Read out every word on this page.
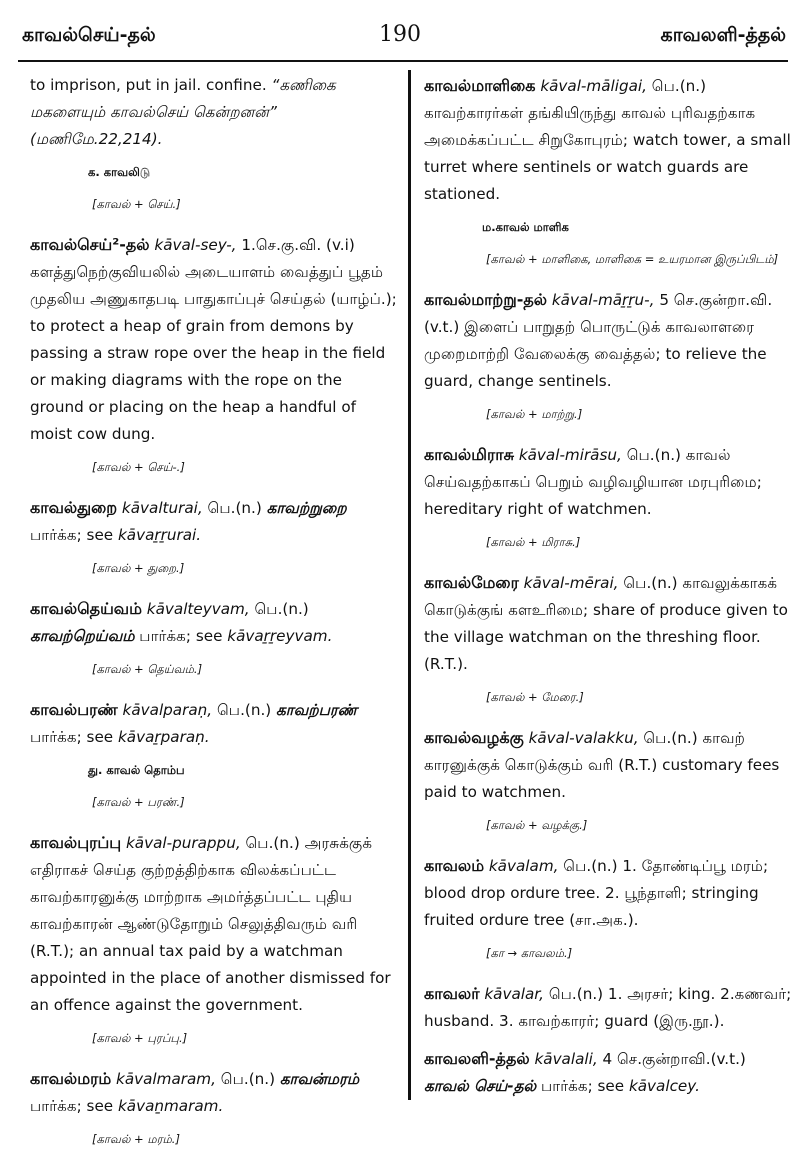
காவல்செய்-தல்	190	காவலளி-த்தல்
to imprison, put in jail. confine. “கணிகை மகளையும் காவல்செய் கென்றனன்” (மணிமே.22,214).
க. காவலிடு
[காவல் + செய்.]
காவல்செய்²-தல் kāval-sey-, 1.செ.கு.வி. (v.i) களத்துநெற்குவியலில் அடையாளம் வைத்துப் பூதம் முதலிய அணுகாதபடி பாதுகாப்புச் செய்தல் (யாழ்ப்.); to protect a heap of grain from demons by passing a straw rope over the heap in the field or making diagrams with the rope on the ground or placing on the heap a handful of moist cow dung.
[காவல் + செய்-.]
காவல்துறை kāvalturai, பெ.(n.) காவற்றுறை பார்க்க; see kāvaṟṟurai.
[காவல் + துறை.]
காவல்தெய்வம் kāvalteyvam, பெ.(n.) காவற்றெய்வம் பார்க்க; see kāvaṟṟeyvam.
[காவல் + தெய்வம்.]
காவல்பரண் kāvalparaṇ, பெ.(n.) காவற்பரண் பார்க்க; see kāvaṟparaṇ.
து. காவல் தொம்ப
[காவல் + பரண்.]
காவல்புரப்பு kāval-purappu, பெ.(n.) அரசுக்குக் எதிராகச் செய்த குற்றத்திற்காக விலக்கப்பட்ட காவற்காரனுக்கு மாற்றாக அமர்த்தப்பட்ட புதிய காவற்காரன் ஆண்டுதோறும் செலுத்திவரும் வரி (R.T.); an annual tax paid by a watchman appointed in the place of another dismissed for an offence against the government.
[காவல் + புரப்பு.]
காவல்மரம் kāvalmaram, பெ.(n.) காவன்மரம் பார்க்க; see kāvaṉmaram.
[காவல் + மரம்.]
காவல்மாளிகை kāval-māligai, பெ.(n.) காவற்காரர்கள் தங்கியிருந்து காவல் புரிவதற்காக அமைக்கப்பட்ட சிறுகோபுரம்; watch tower, a small turret where sentinels or watch guards are stationed.
ம.காவல் மாளிக
[காவல் + மாளிகை, மாளிகை = உயரமான இருப்பிடம்]
காவல்மாற்று-தல் kāval-māṟṟu-, 5 செ.குன்றா.வி. (v.t.) இளைப் பாறுதற் பொருட்டுக் காவலாளரை முறைமாற்றி வேலைக்கு வைத்தல்; to relieve the guard, change sentinels.
[காவல் + மாற்று.]
காவல்மிராசு kāval-mirāsu, பெ.(n.) காவல் செய்வதற்காகப் பெறும் வழிவழியான மரபுரிமை; hereditary right of watchmen.
[காவல் + மிராசு.]
காவல்மேரை kāval-mērai, பெ.(n.) காவலுக்காகக் கொடுக்குங் களஉரிமை; share of produce given to the village watchman on the threshing floor. (R.T.).
[காவல் + மேரை.]
காவல்வழக்கு kāval-valakku, பெ.(n.) காவற் காரனுக்குக் கொடுக்கும் வரி (R.T.) customary fees paid to watchmen.
[காவல் + வழக்கு.]
காவலம் kāvalam, பெ.(n.) 1. தோண்டிப்பூ மரம்; blood drop ordure tree. 2. பூந்தாளி; stringing fruited ordure tree (சா.அக.).
[கா → காவலம்.]
காவலர் kāvalar, பெ.(n.) 1. அரசர்; king. 2.கணவர்; husband. 3. காவற்காரர்; guard (இரு.நூ.).
காவலளி-த்தல் kāvalali, 4 செ.குன்றாவி.(v.t.) காவல் செய்-தல் பார்க்க; see kāvalcey.
